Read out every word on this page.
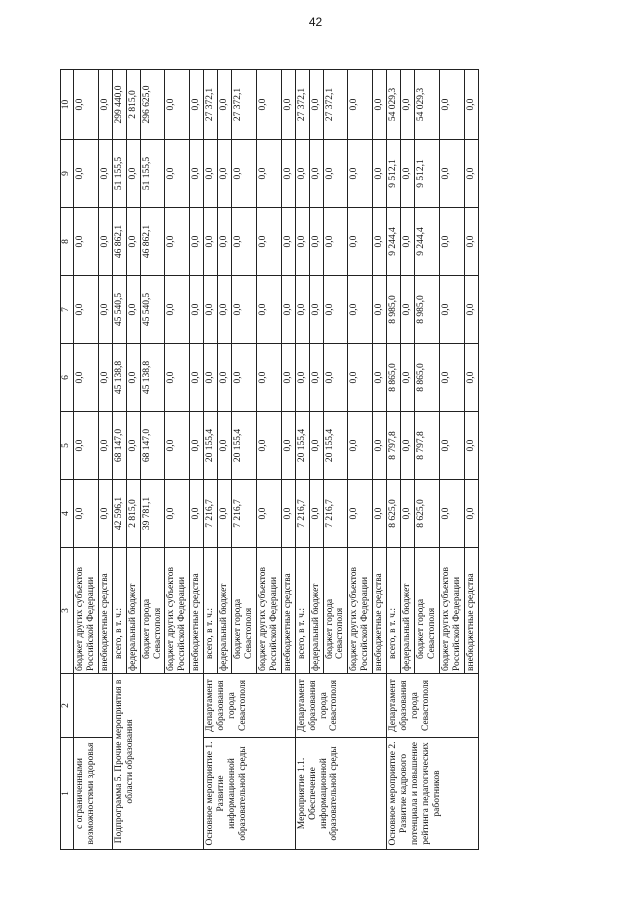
42
1	2	3	4	5	6	7	8	9	10
с ограниченными возможностями здоровья		бюджет других субъектов Российской Федерации	0,0	0,0	0,0	0,0	0,0	0,0	0,0
		внебюджетные средства	0,0	0,0	0,0	0,0	0,0	0,0	0,0
Подпрограмма 5. Прочие мероприятия в области образования		всего, в т. ч.:	42 596,1	68 147,0	45 138,8	45 540,5	46 862,1	51 155,5	299 440,0
		федеральный бюджет	2 815,0	0,0	0,0	0,0	0,0	0,0	2 815,0
		бюджет города Севастополя	39 781,1	68 147,0	45 138,8	45 540,5	46 862,1	51 155,5	296 625,0
		бюджет других субъектов Российской Федерации	0,0	0,0	0,0	0,0	0,0	0,0	0,0
		внебюджетные средства	0,0	0,0	0,0	0,0	0,0	0,0	0,0
Основное мероприятие 1. Развитие информационной образовательной среды	Департамент образования города Севастополя	всего, в т. ч.:	7 216,7	20 155,4	0,0	0,0	0,0	0,0	27 372,1
		федеральный бюджет	0,0	0,0	0,0	0,0	0,0	0,0	0,0
		бюджет города Севастополя	7 216,7	20 155,4	0,0	0,0	0,0	0,0	27 372,1
		бюджет других субъектов Российской Федерации	0,0	0,0	0,0	0,0	0,0	0,0	0,0
		внебюджетные средства	0,0	0,0	0,0	0,0	0,0	0,0	0,0
Мероприятие 1.1. Обеспечение информационной образовательной среды	Департамент образования города Севастополя	всего, в т. ч.:	7 216,7	20 155,4	0,0	0,0	0,0	0,0	27 372,1
		федеральный бюджет	0,0	0,0	0,0	0,0	0,0	0,0	0,0
		бюджет города Севастополя	7 216,7	20 155,4	0,0	0,0	0,0	0,0	27 372,1
		бюджет других субъектов Российской Федерации	0,0	0,0	0,0	0,0	0,0	0,0	0,0
		внебюджетные средства	0,0	0,0	0,0	0,0	0,0	0,0	0,0
Основное мероприятие 2. Развитие кадрового потенциала и повышение рейтинга педагогических работников	Департамент образования города Севастополя	всего, в т. ч.:	8 625,0	8 797,8	8 865,0	8 985,0	9 244,4	9 512,1	54 029,3
		федеральный бюджет	0,0	0,0	0,0	0,0	0,0	0,0	0,0
		бюджет города Севастополя	8 625,0	8 797,8	8 865,0	8 985,0	9 244,4	9 512,1	54 029,3
		бюджет других субъектов Российской Федерации	0,0	0,0	0,0	0,0	0,0	0,0	0,0
		внебюджетные средства	0,0	0,0	0,0	0,0	0,0	0,0	0,0
